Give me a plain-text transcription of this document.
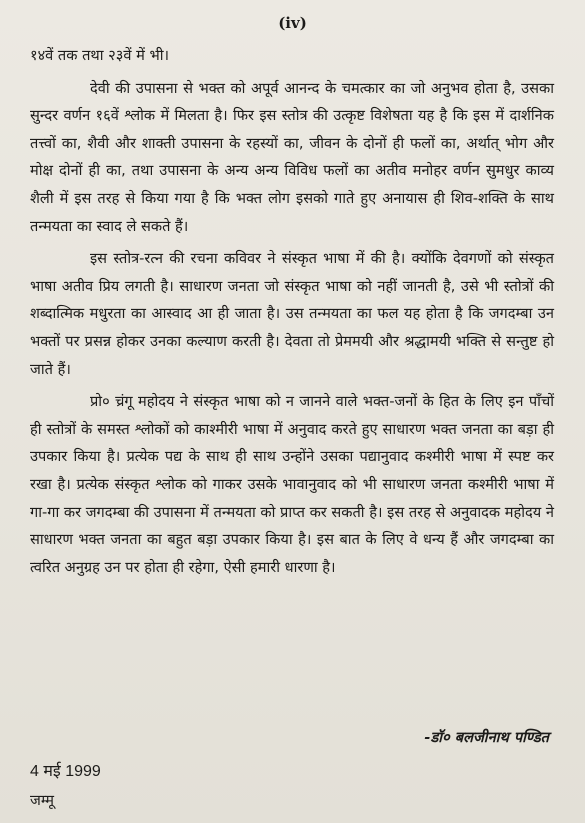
(iv)

१४वें तक तथा २३वें में भी।

देवी की उपासना से भक्त को अपूर्व आनन्द के चमत्कार का जो अनुभव होता है, उसका सुन्दर वर्णन १६वें श्लोक में मिलता है। फिर इस स्तोत्र की उत्कृष्ट विशेषता यह है कि इस में दार्शनिक तत्त्वों का, शैवी और शाक्ती उपासना के रहस्यों का, जीवन के दोनों ही फलों का, अर्थात् भोग और मोक्ष दोनों ही का, तथा उपासना के अन्य अन्य विविध फलों का अतीव मनोहर वर्णन सुमधुर काव्य शैली में इस तरह से किया गया है कि भक्त लोग इसको गाते हुए अनायास ही शिव-शक्ति के साथ तन्मयता का स्वाद ले सकते हैं।

इस स्तोत्र-रत्न की रचना कविवर ने संस्कृत भाषा में की है। क्योंकि देवगणों को संस्कृत भाषा अतीव प्रिय लगती है। साधारण जनता जो संस्कृत भाषा को नहीं जानती है, उसे भी स्तोत्रों की शब्दात्मिक मधुरता का आस्वाद आ ही जाता है। उस तन्मयता का फल यह होता है कि जगदम्बा उन भक्तों पर प्रसन्न होकर उनका कल्याण करती है। देवता तो प्रेममयी और श्रद्धामयी भक्ति से सन्तुष्ट हो जाते हैं।

प्रो० च्रंगू महोदय ने संस्कृत भाषा को न जानने वाले भक्त-जनों के हित के लिए इन पाँचों ही स्तोत्रों के समस्त श्लोकों को काश्मीरी भाषा में अनुवाद करते हुए साधारण भक्त जनता का बड़ा ही उपकार किया है। प्रत्येक पद्य के साथ ही साथ उन्होंने उसका पद्यानुवाद कश्मीरी भाषा में स्पष्ट कर रखा है। प्रत्येक संस्कृत श्लोक को गाकर उसके भावानुवाद को भी साधारण जनता कश्मीरी भाषा में गा-गा कर जगदम्बा की उपासना में तन्मयता को प्राप्त कर सकती है। इस तरह से अनुवादक महोदय ने साधारण भक्त जनता का बहुत बड़ा उपकार किया है। इस बात के लिए वे धन्य हैं और जगदम्बा का त्वरित अनुग्रह उन पर होता ही रहेगा, ऐसी हमारी धारणा है।

-डॉ० बलजीनाथ पण्डित
4 मई 1999
जम्मू
